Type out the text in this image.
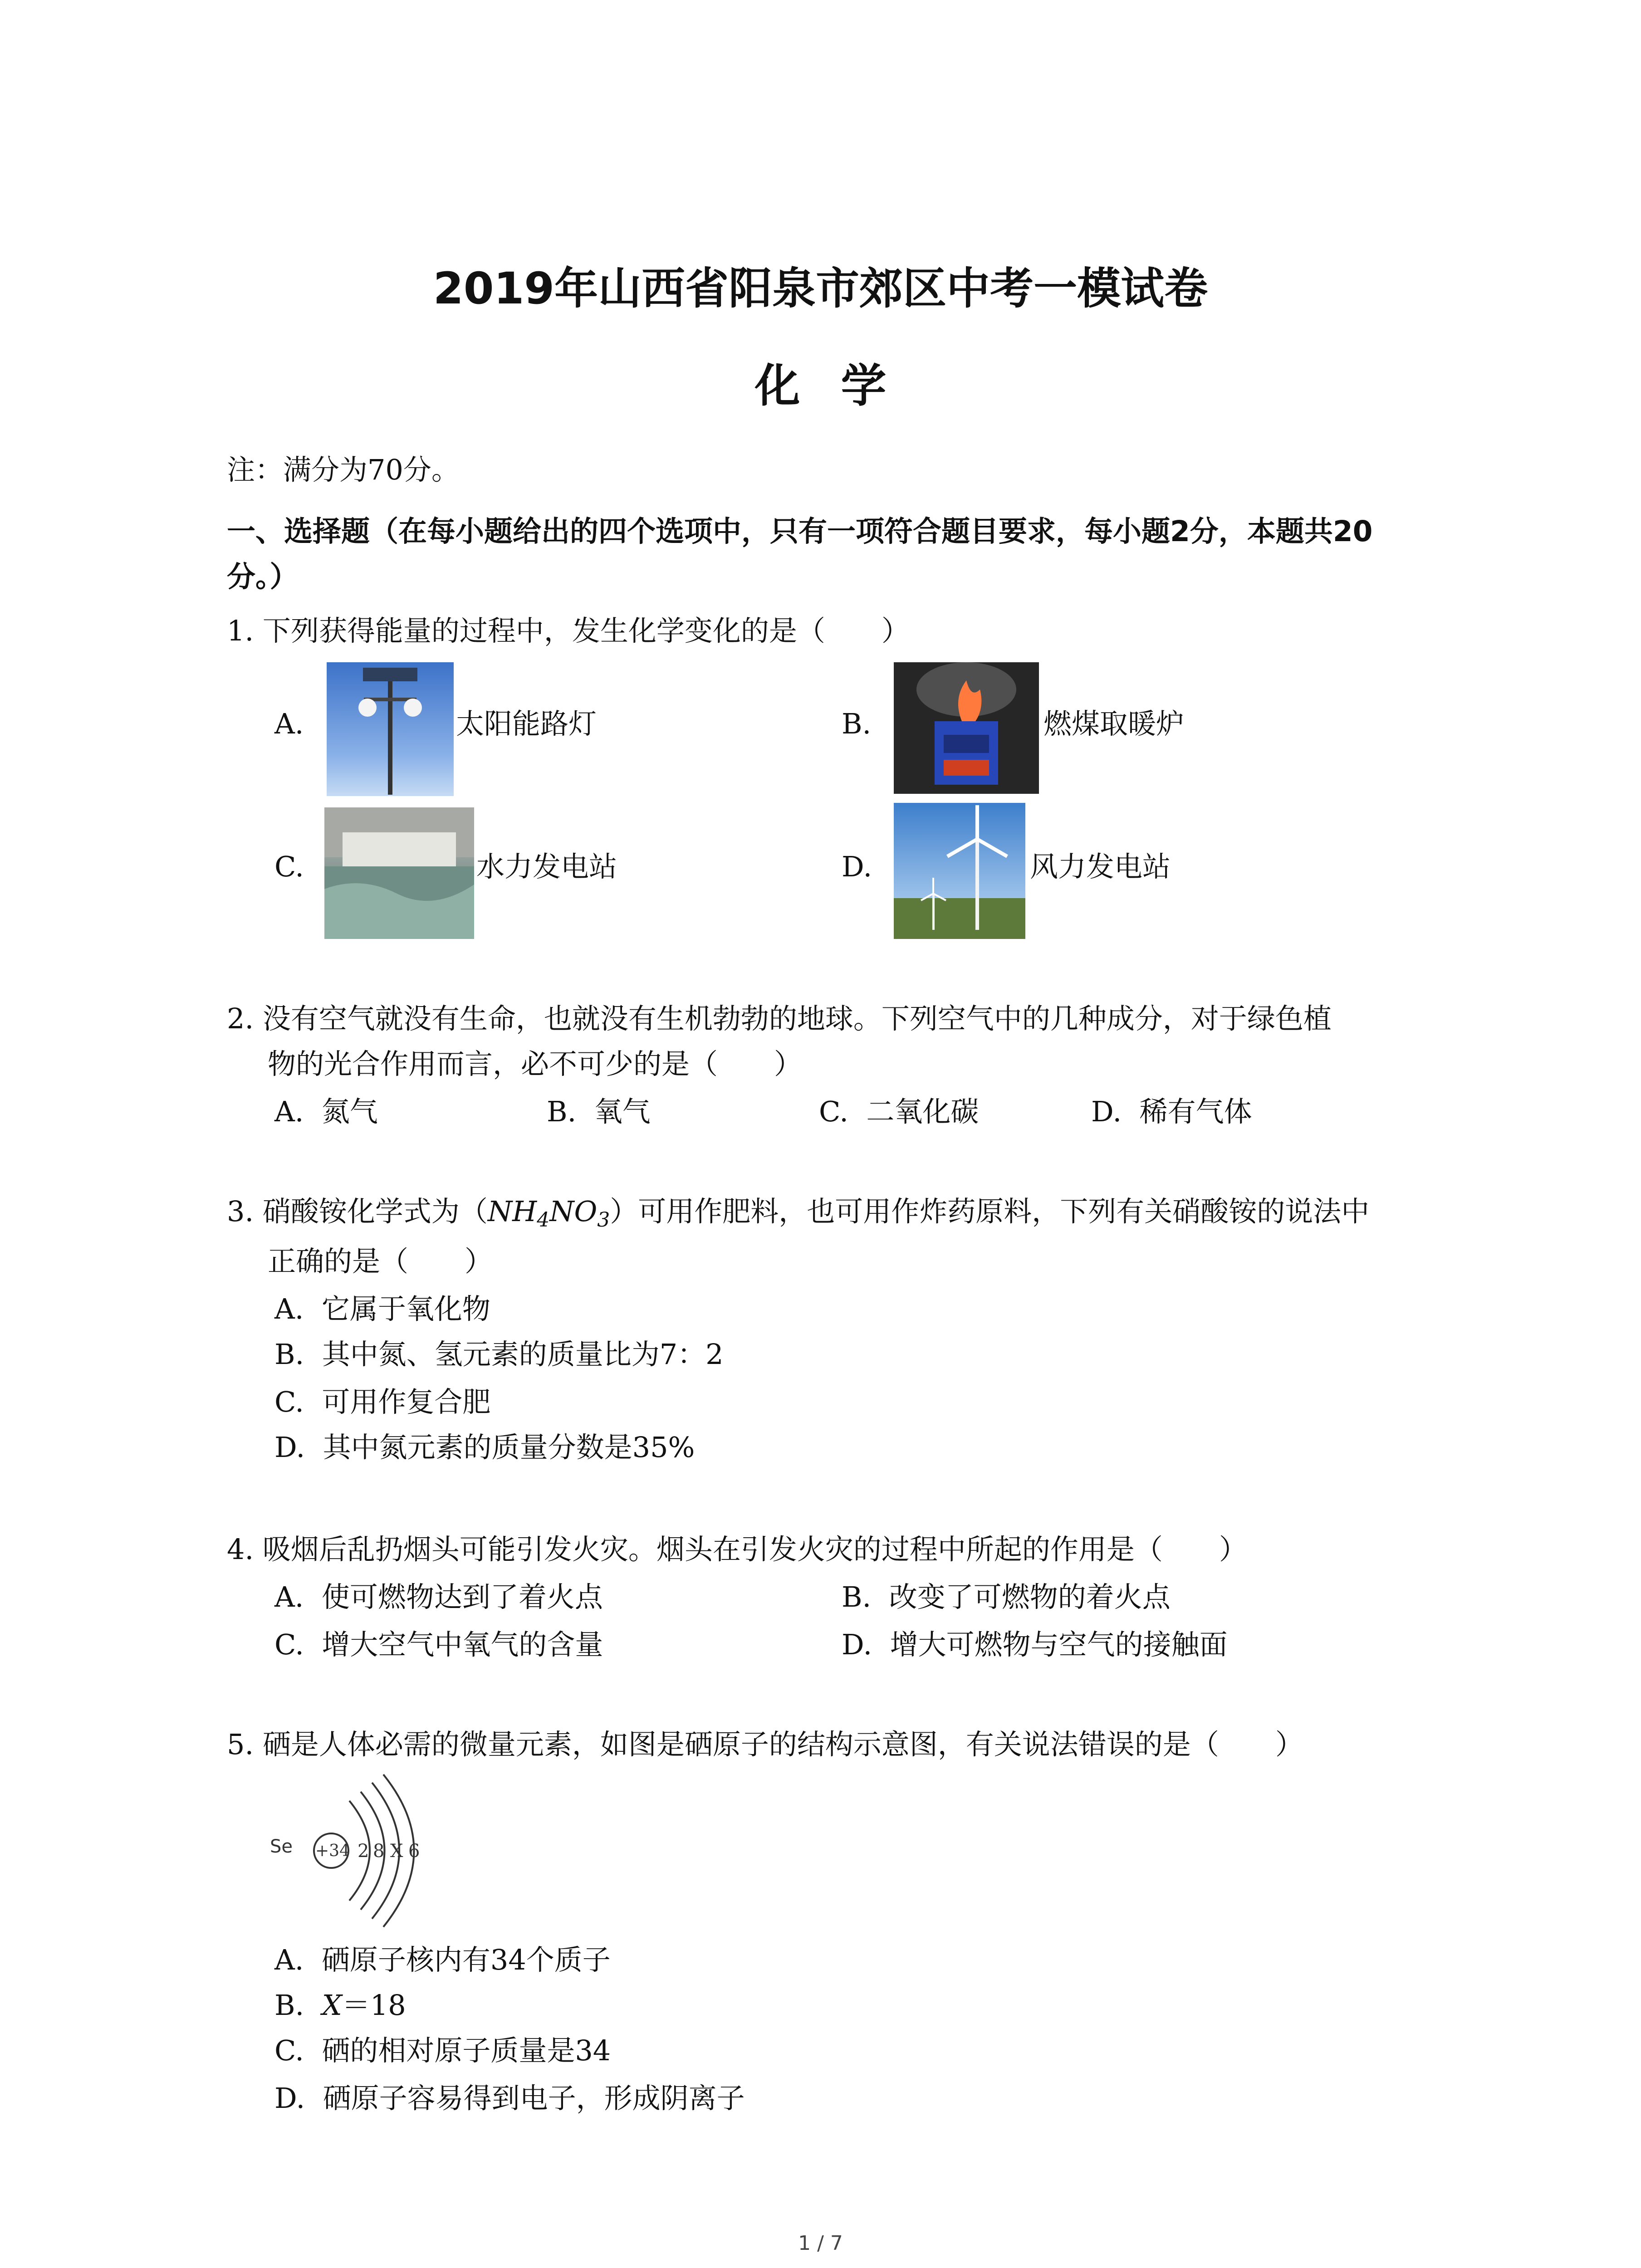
2019年山西省阳泉市郊区中考一模试卷
化学
注：满分为70分。
一、选择题（在每小题给出的四个选项中，只有一项符合题目要求，每小题2分，本题共20
分。）
1. 下列获得能量的过程中，发生化学变化的是（　　）
A.	太阳能路灯	B.	燃煤取暖炉
C.	水力发电站	D.	风力发电站
2. 没有空气就没有生命，也就没有生机勃勃的地球。下列空气中的几种成分，对于绿色植
物的光合作用而言，必不可少的是（　　）
A. 氮气	B. 氧气	C. 二氧化碳	D. 稀有气体
3. 硝酸铵化学式为$(NH_4NO_3)$可用作肥料，也可用作炸药原料，下列有关硝酸铵的说法中
正确的是（　　）
A. 它属于氧化物
B. 其中氮、氢元素的质量比为7：2
C. 可用作复合肥
D. 其中氮元素的质量分数是35%
4. 吸烟后乱扔烟头可能引发火灾。烟头在引发火灾的过程中所起的作用是（　　）
A. 使可燃物达到了着火点	B. 改变了可燃物的着火点
C. 增大空气中氧气的含量	D. 增大可燃物与空气的接触面
5. 硒是人体必需的微量元素，如图是硒原子的结构示意图，有关说法错误的是（　　）
Se +34 2 8 X 6
A. 硒原子核内有34个质子
B. X＝18
C. 硒的相对原子质量是34
D. 硒原子容易得到电子，形成阴离子
1 / 7
